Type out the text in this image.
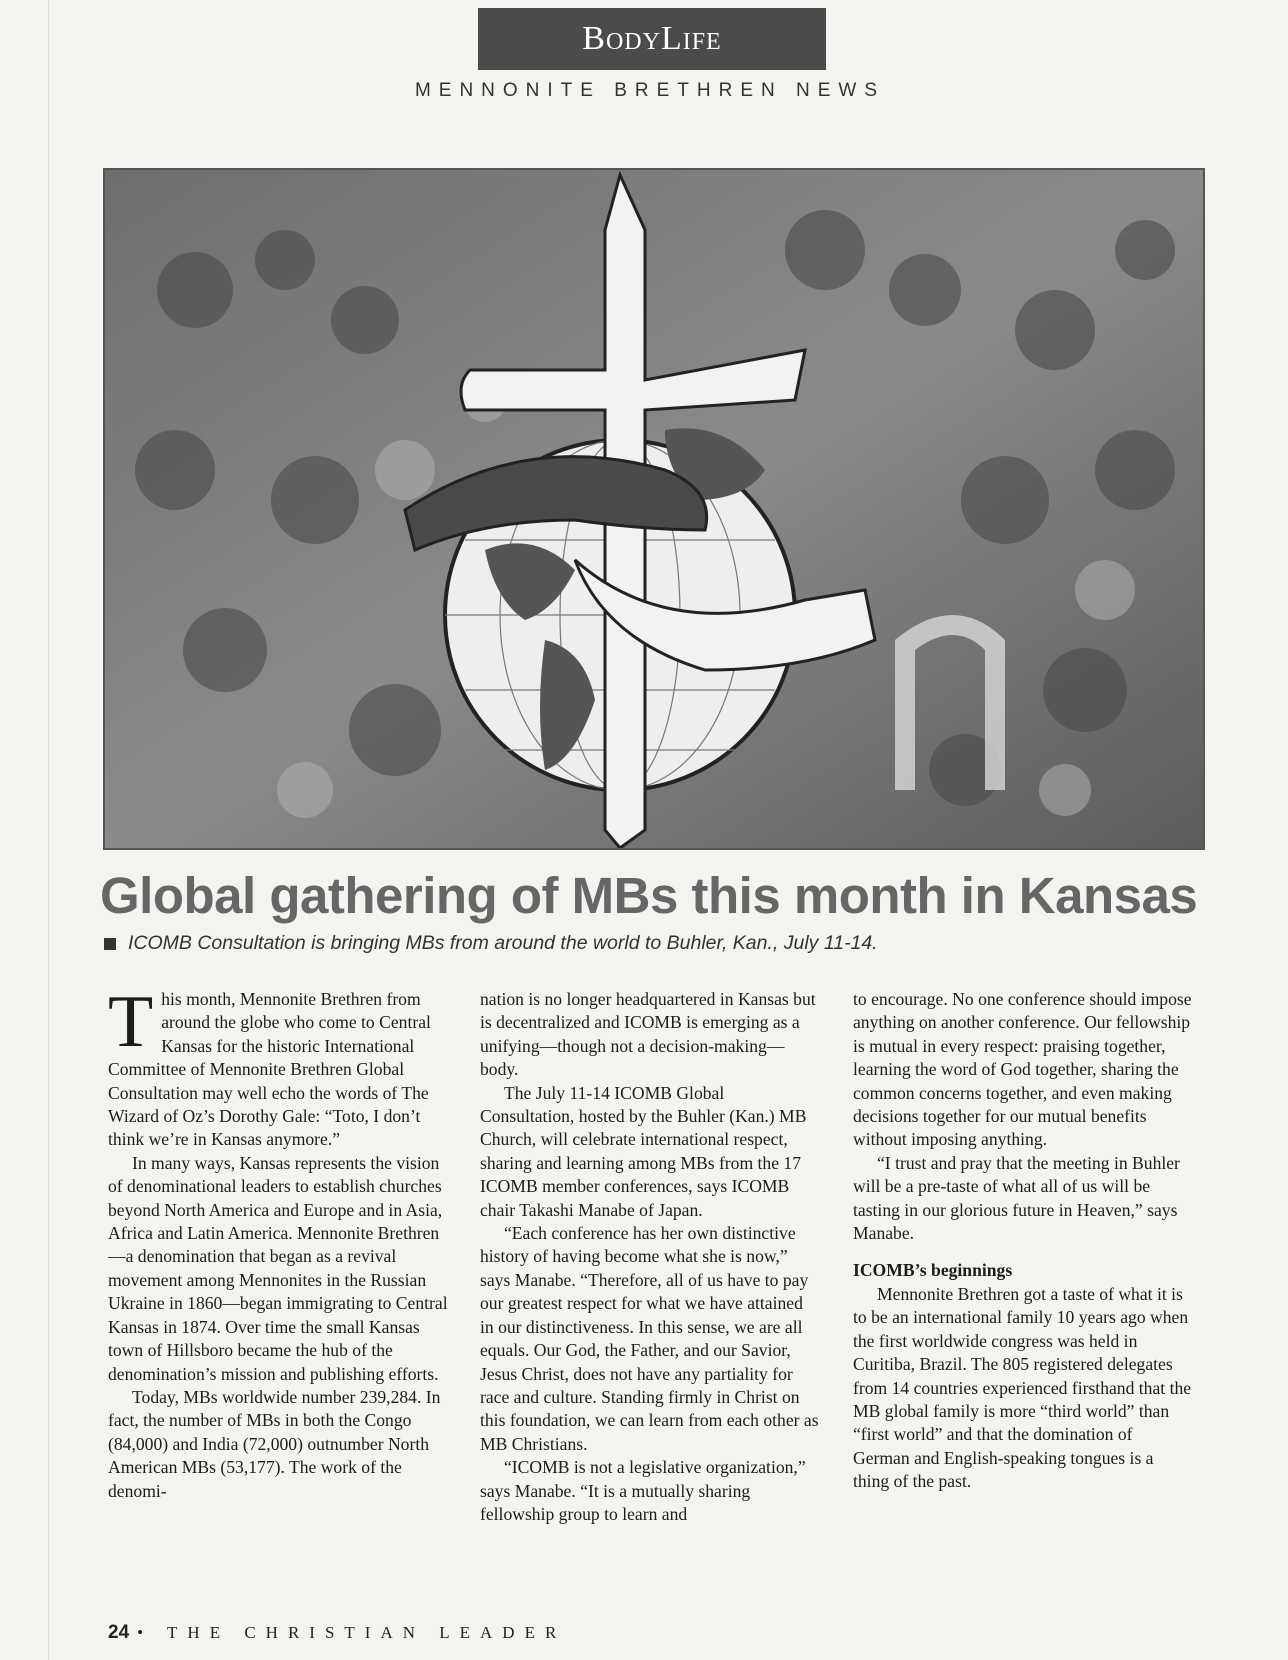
BodyLife
MENNONITE BRETHREN NEWS
Global gathering of MBs this month in Kansas
ICOMB Consultation is bringing MBs from around the world to Buhler, Kan., July 11-14.

This month, Mennonite Brethren from around the globe who come to Central Kansas for the historic International Committee of Mennonite Brethren Global Consultation may well echo the words of The Wizard of Oz’s Dorothy Gale: “Toto, I don’t think we’re in Kansas anymore.”

In many ways, Kansas represents the vision of denominational leaders to establish churches beyond North America and Europe and in Asia, Africa and Latin America. Mennonite Brethren—a denomination that began as a revival movement among Mennonites in the Russian Ukraine in 1860—began immigrating to Central Kansas in 1874. Over time the small Kansas town of Hillsboro became the hub of the denomination’s mission and publishing efforts.

Today, MBs worldwide number 239,284. In fact, the number of MBs in both the Congo (84,000) and India (72,000) outnumber North American MBs (53,177). The work of the denomi-

nation is no longer headquartered in Kansas but is decentralized and ICOMB is emerging as a unifying—though not a decision-making—body.

The July 11-14 ICOMB Global Consultation, hosted by the Buhler (Kan.) MB Church, will celebrate international respect, sharing and learning among MBs from the 17 ICOMB member conferences, says ICOMB chair Takashi Manabe of Japan.

“Each conference has her own distinctive history of having become what she is now,” says Manabe. “Therefore, all of us have to pay our greatest respect for what we have attained in our distinctiveness. In this sense, we are all equals. Our God, the Father, and our Savior, Jesus Christ, does not have any partiality for race and culture. Standing firmly in Christ on this foundation, we can learn from each other as MB Christians.

“ICOMB is not a legislative organization,” says Manabe. “It is a mutually sharing fellowship group to learn and

to encourage. No one conference should impose anything on another conference. Our fellowship is mutual in every respect: praising together, learning the word of God together, sharing the common concerns together, and even making decisions together for our mutual benefits without imposing anything.

“I trust and pray that the meeting in Buhler will be a pre-taste of what all of us will be tasting in our glorious future in Heaven,” says Manabe.

ICOMB’s beginnings

Mennonite Brethren got a taste of what it is to be an international family 10 years ago when the first worldwide congress was held in Curitiba, Brazil. The 805 registered delegates from 14 countries experienced firsthand that the MB global family is more “third world” than “first world” and that the domination of German and English-speaking tongues is a thing of the past.

24 • THE CHRISTIAN LEADER
